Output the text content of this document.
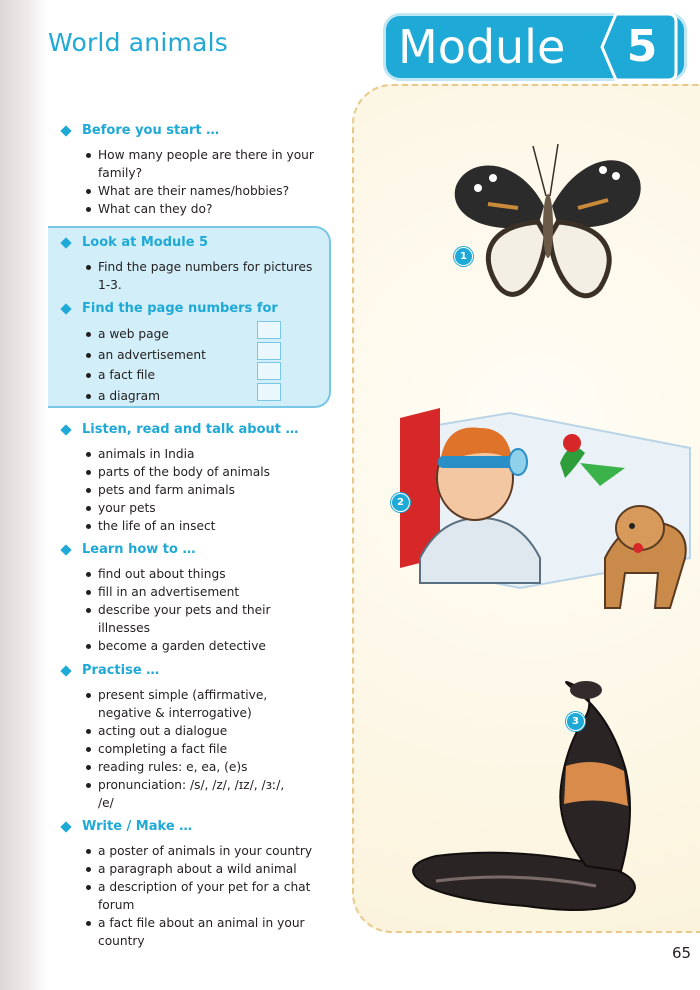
World animals	Module	5
1
2
3
Before you start …
How many people are there in your
family?
What are their names/hobbies?
What can they do?
Look at Module 5
Find the page numbers for pictures
1-3.
Find the page numbers for
a web page
an advertisement
a fact file
a diagram
Listen, read and talk about …
animals in India
parts of the body of animals
pets and farm animals
your pets
the life of an insect
Learn how to …
find out about things
fill in an advertisement
describe your pets and their
illnesses
become a garden detective
Practise …
present simple (affirmative,
negative & interrogative)
acting out a dialogue
completing a fact file
reading rules: e, ea, (e)s
pronunciation: /s/, /z/, /ɪz/, /ɜː/,
/e/
Write / Make …
a poster of animals in your country
a paragraph about a wild animal
a description of your pet for a chat
forum
a fact file about an animal in your
country
65
